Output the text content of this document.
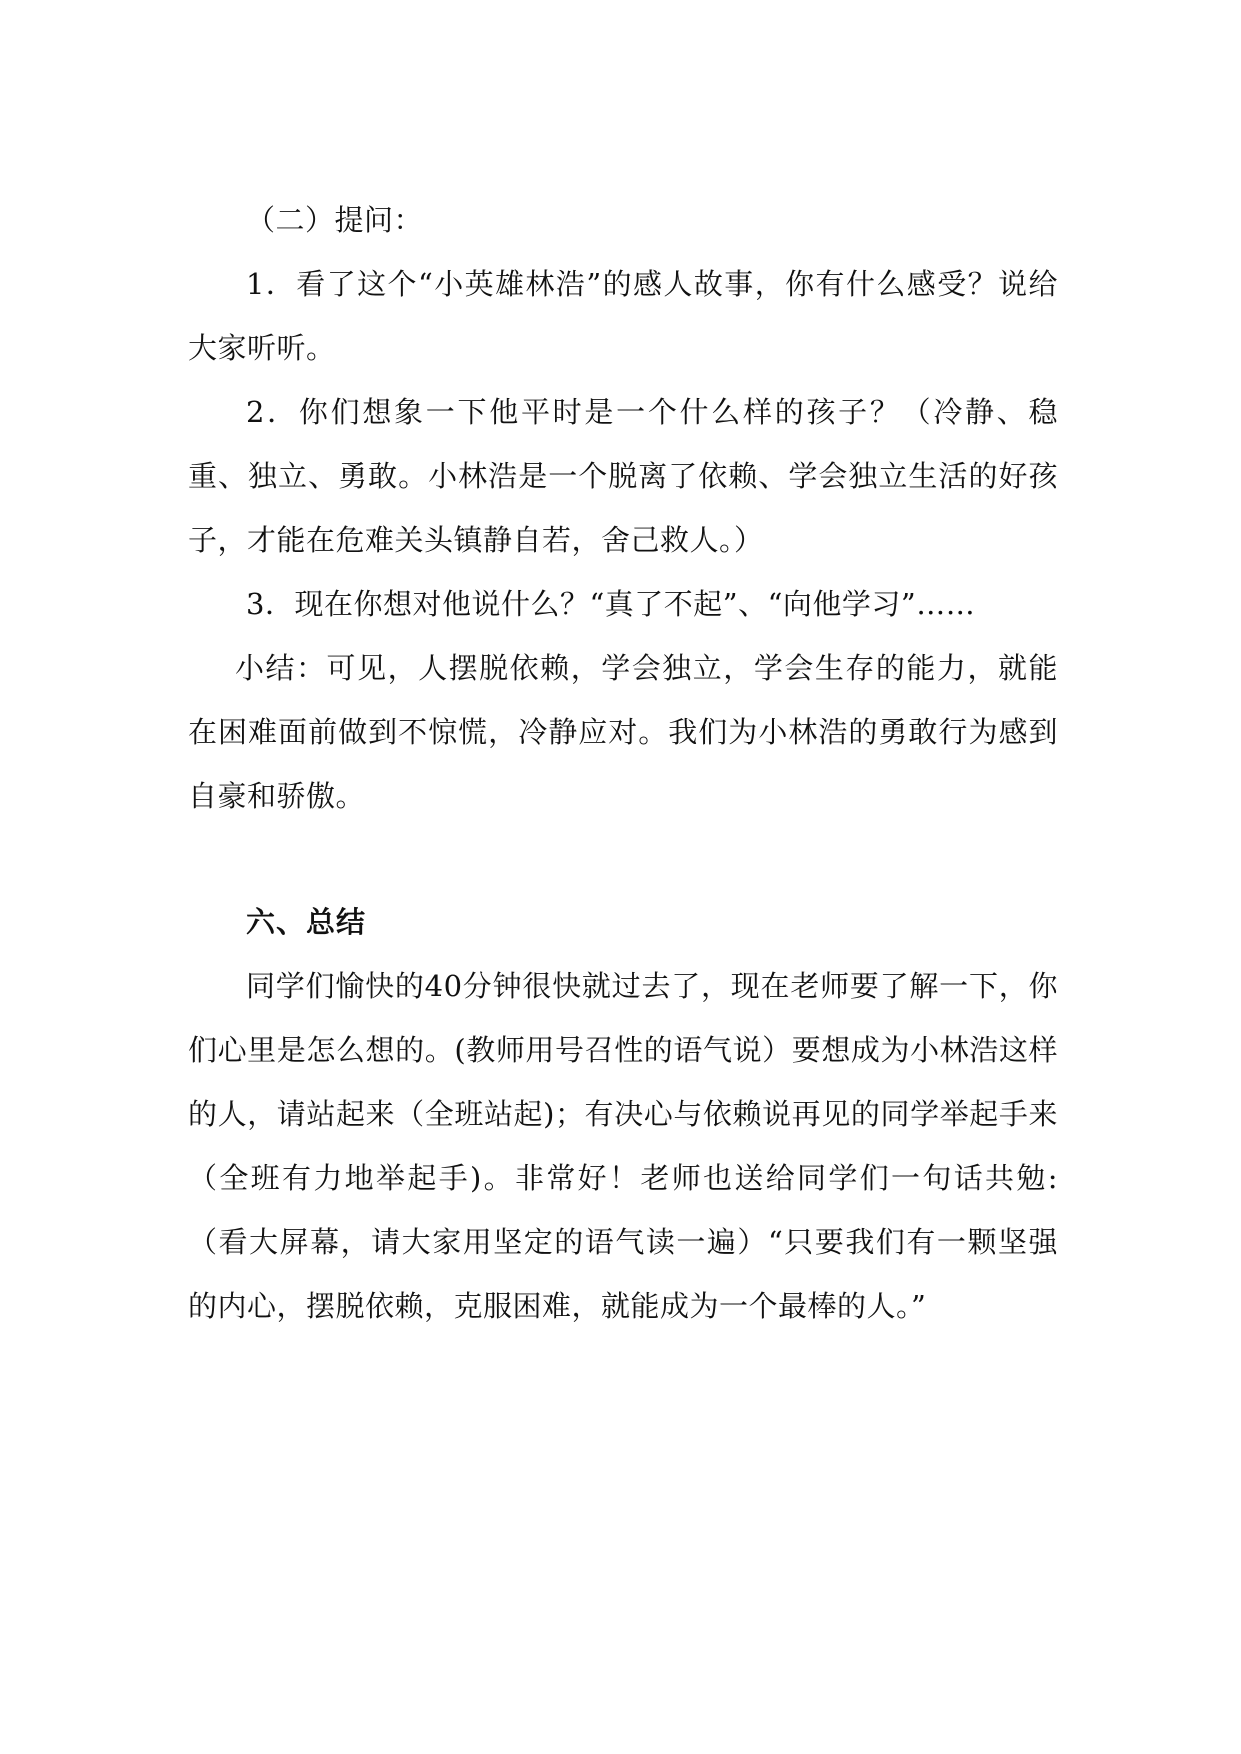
（二）提问：

1．看了这个“小英雄林浩”的感人故事，你有什么感受？说给大家听听。

2．你们想象一下他平时是一个什么样的孩子？（冷静、稳重、独立、勇敢。小林浩是一个脱离了依赖、学会独立生活的好孩子，才能在危难关头镇静自若，舍己救人。）

3．现在你想对他说什么？“真了不起”、“向他学习”……

小结：可见，人摆脱依赖，学会独立，学会生存的能力，就能在困难面前做到不惊慌，冷静应对。我们为小林浩的勇敢行为感到自豪和骄傲。

六、总结

同学们愉快的40分钟很快就过去了，现在老师要了解一下，你们心里是怎么想的。(教师用号召性的语气说）要想成为小林浩这样的人，请站起来（全班站起)；有决心与依赖说再见的同学举起手来（全班有力地举起手)。非常好！老师也送给同学们一句话共勉:（看大屏幕，请大家用坚定的语气读一遍）“只要我们有一颗坚强的内心，摆脱依赖，克服困难，就能成为一个最棒的人。”
